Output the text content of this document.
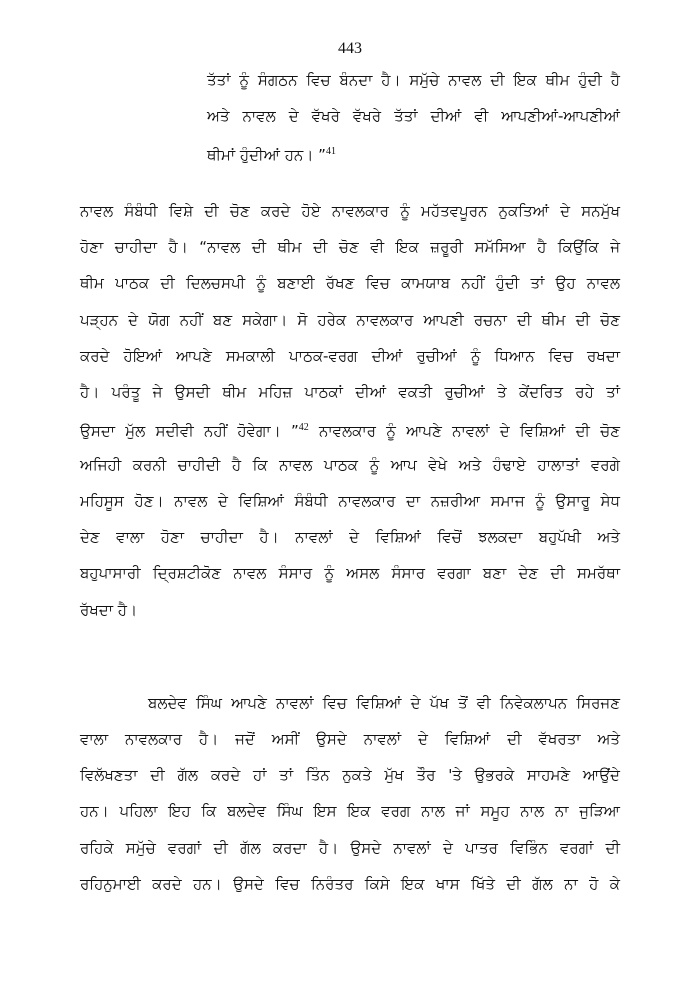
443
ਤੱਤਾਂ ਨੂੰ ਸੰਗਠਨ ਵਿਚ ਬੰਨਦਾ ਹੈ। ਸਮੁੱਚੇ ਨਾਵਲ ਦੀ ਇਕ ਥੀਮ ਹੁੰਦੀ ਹੈ
ਅਤੇ ਨਾਵਲ ਦੇ ਵੱਖਰੇ ਵੱਖਰੇ ਤੱਤਾਂ ਦੀਆਂ ਵੀ ਆਪਣੀਆਂ-ਆਪਣੀਆਂ
ਥੀਮਾਂ ਹੁੰਦੀਆਂ ਹਨ। ”$^{41}$
ਨਾਵਲ ਸੰਬੰਧੀ ਵਿਸ਼ੇ ਦੀ ਚੋਣ ਕਰਦੇ ਹੋਏ ਨਾਵਲਕਾਰ ਨੂੰ ਮਹੱਤਵਪੂਰਨ ਨੁਕਤਿਆਂ ਦੇ ਸਨਮੁੱਖ
ਹੋਣਾ ਚਾਹੀਦਾ ਹੈ। “ਨਾਵਲ ਦੀ ਥੀਮ ਦੀ ਚੋਣ ਵੀ ਇਕ ਜ਼ਰੂਰੀ ਸਮੱਸਿਆ ਹੈ ਕਿਉਂਕਿ ਜੇ
ਥੀਮ ਪਾਠਕ ਦੀ ਦਿਲਚਸਪੀ ਨੂੰ ਬਣਾਈ ਰੱਖਣ ਵਿਚ ਕਾਮਯਾਬ ਨਹੀਂ ਹੁੰਦੀ ਤਾਂ ਉਹ ਨਾਵਲ
ਪੜ੍ਹਨ ਦੇ ਯੋਗ ਨਹੀਂ ਬਣ ਸਕੇਗਾ। ਸੋ ਹਰੇਕ ਨਾਵਲਕਾਰ ਆਪਣੀ ਰਚਨਾ ਦੀ ਥੀਮ ਦੀ ਚੋਣ
ਕਰਦੇ ਹੋਇਆਂ ਆਪਣੇ ਸਮਕਾਲੀ ਪਾਠਕ-ਵਰਗ ਦੀਆਂ ਰੁਚੀਆਂ ਨੂੰ ਧਿਆਨ ਵਿਚ ਰਖਦਾ
ਹੈ। ਪਰੰਤੂ ਜੇ ਉਸਦੀ ਥੀਮ ਮਹਿਜ਼ ਪਾਠਕਾਂ ਦੀਆਂ ਵਕਤੀ ਰੁਚੀਆਂ ਤੇ ਕੇਂਦਰਿਤ ਰਹੇ ਤਾਂ
ਉਸਦਾ ਮੁੱਲ ਸਦੀਵੀ ਨਹੀਂ ਹੋਵੇਗਾ। ”$^{42}$ ਨਾਵਲਕਾਰ ਨੂੰ ਆਪਣੇ ਨਾਵਲਾਂ ਦੇ ਵਿਸ਼ਿਆਂ ਦੀ ਚੋਣ
ਅਜਿਹੀ ਕਰਨੀ ਚਾਹੀਦੀ ਹੈ ਕਿ ਨਾਵਲ ਪਾਠਕ ਨੂੰ ਆਪ ਵੇਖੇ ਅਤੇ ਹੰਢਾਏ ਹਾਲਾਤਾਂ ਵਰਗੇ
ਮਹਿਸੂਸ ਹੋਣ। ਨਾਵਲ ਦੇ ਵਿਸ਼ਿਆਂ ਸੰਬੰਧੀ ਨਾਵਲਕਾਰ ਦਾ ਨਜ਼ਰੀਆ ਸਮਾਜ ਨੂੰ ਉਸਾਰੂ ਸੇਧ
ਦੇਣ ਵਾਲਾ ਹੋਣਾ ਚਾਹੀਦਾ ਹੈ। ਨਾਵਲਾਂ ਦੇ ਵਿਸ਼ਿਆਂ ਵਿਚੋਂ ਝਲਕਦਾ ਬਹੁਪੱਖੀ ਅਤੇ
ਬਹੁਪਾਸਾਰੀ ਦ੍ਰਿਸ਼ਟੀਕੋਣ ਨਾਵਲ ਸੰਸਾਰ ਨੂੰ ਅਸਲ ਸੰਸਾਰ ਵਰਗਾ ਬਣਾ ਦੇਣ ਦੀ ਸਮਰੱਥਾ
ਰੱਖਦਾ ਹੈ।
ਬਲਦੇਵ ਸਿੰਘ ਆਪਣੇ ਨਾਵਲਾਂ ਵਿਚ ਵਿਸ਼ਿਆਂ ਦੇ ਪੱਖ ਤੋਂ ਵੀ ਨਿਵੇਕਲਾਪਨ ਸਿਰਜਣ
ਵਾਲਾ ਨਾਵਲਕਾਰ ਹੈ। ਜਦੋਂ ਅਸੀਂ ਉਸਦੇ ਨਾਵਲਾਂ ਦੇ ਵਿਸ਼ਿਆਂ ਦੀ ਵੱਖਰਤਾ ਅਤੇ
ਵਿਲੱਖਣਤਾ ਦੀ ਗੱਲ ਕਰਦੇ ਹਾਂ ਤਾਂ ਤਿੰਨ ਨੁਕਤੇ ਮੁੱਖ ਤੌਰ 'ਤੇ ਉਭਰਕੇ ਸਾਹਮਣੇ ਆਉਂਦੇ
ਹਨ। ਪਹਿਲਾ ਇਹ ਕਿ ਬਲਦੇਵ ਸਿੰਘ ਇਸ ਇਕ ਵਰਗ ਨਾਲ ਜਾਂ ਸਮੂਹ ਨਾਲ ਨਾ ਜੁੜਿਆ
ਰਹਿਕੇ ਸਮੁੱਚੇ ਵਰਗਾਂ ਦੀ ਗੱਲ ਕਰਦਾ ਹੈ। ਉਸਦੇ ਨਾਵਲਾਂ ਦੇ ਪਾਤਰ ਵਿਭਿੰਨ ਵਰਗਾਂ ਦੀ
ਰਹਿਨੁਮਾਈ ਕਰਦੇ ਹਨ। ਉਸਦੇ ਵਿਚ ਨਿਰੰਤਰ ਕਿਸੇ ਇਕ ਖਾਸ ਖਿੱਤੇ ਦੀ ਗੱਲ ਨਾ ਹੋ ਕੇ
